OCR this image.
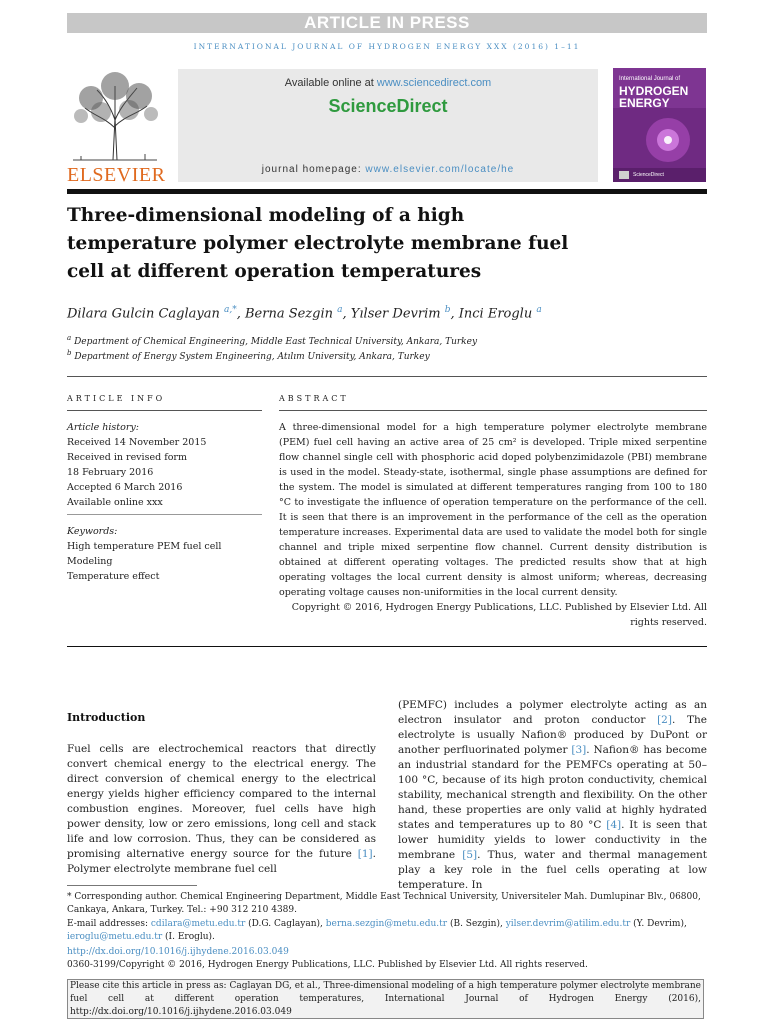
ARTICLE IN PRESS
INTERNATIONAL JOURNAL OF HYDROGEN ENERGY XXX (2016) 1–11
ELSEVIER
Available online at www.sciencedirect.com
ScienceDirect
journal homepage: www.elsevier.com/locate/he
International Journal of
HYDROGEN
ENERGY
ScienceDirect
Three-dimensional modeling of a high temperature polymer electrolyte membrane fuel cell at different operation temperatures
Dilara Gulcin Caglayan $^{a,*}$, Berna Sezgin $^a$, Yılser Devrim $^b$, Inci Eroglu $^a$
$^a$ Department of Chemical Engineering, Middle East Technical University, Ankara, Turkey
$^b$ Department of Energy System Engineering, Atılım University, Ankara, Turkey
ARTICLE INFO	ABSTRACT
Article history:
Received 14 November 2015
Received in revised form
18 February 2016
Accepted 6 March 2016
Available online xxx
Keywords:
High temperature PEM fuel cell
Modeling
Temperature effect
A three-dimensional model for a high temperature polymer electrolyte membrane (PEM) fuel cell having an active area of 25 cm² is developed. Triple mixed serpentine flow channel single cell with phosphoric acid doped polybenzimidazole (PBI) membrane is used in the model. Steady-state, isothermal, single phase assumptions are defined for the system. The model is simulated at different temperatures ranging from 100 to 180 °C to investigate the influence of operation temperature on the performance of the cell. It is seen that there is an improvement in the performance of the cell as the operation temperature increases. Experimental data are used to validate the model both for single channel and triple mixed serpentine flow channel. Current density distribution is obtained at different operating voltages. The predicted results show that at high operating voltages the local current density is almost uniform; whereas, decreasing operating voltage causes non-uniformities in the local current density.
Copyright © 2016, Hydrogen Energy Publications, LLC. Published by Elsevier Ltd. All rights reserved.
Introduction
Fuel cells are electrochemical reactors that directly convert chemical energy to the electrical energy. The direct conversion of chemical energy to the electrical energy yields higher efficiency compared to the internal combustion engines. Moreover, fuel cells have high power density, low or zero emissions, long cell and stack life and low corrosion. Thus, they can be considered as promising alternative energy source for the future [1]. Polymer electrolyte membrane fuel cell
(PEMFC) includes a polymer electrolyte acting as an electron insulator and proton conductor [2]. The electrolyte is usually Nafion® produced by DuPont or another perfluorinated polymer [3]. Nafion® has become an industrial standard for the PEMFCs operating at 50–100 °C, because of its high proton conductivity, chemical stability, mechanical strength and flexibility. On the other hand, these properties are only valid at highly hydrated states and temperatures up to 80 °C [4]. It is seen that lower humidity yields to lower conductivity in the membrane [5]. Thus, water and thermal management play a key role in the fuel cells operating at low temperature. In
* Corresponding author. Chemical Engineering Department, Middle East Technical University, Universiteler Mah. Dumlupinar Blv., 06800, Cankaya, Ankara, Turkey. Tel.: +90 312 210 4389.
E-mail addresses: cdilara@metu.edu.tr (D.G. Caglayan), berna.sezgin@metu.edu.tr (B. Sezgin), yilser.devrim@atilim.edu.tr (Y. Devrim), ieroglu@metu.edu.tr (I. Eroglu).
http://dx.doi.org/10.1016/j.ijhydene.2016.03.049
0360-3199/Copyright © 2016, Hydrogen Energy Publications, LLC. Published by Elsevier Ltd. All rights reserved.
Please cite this article in press as: Caglayan DG, et al., Three-dimensional modeling of a high temperature polymer electrolyte membrane fuel cell at different operation temperatures, International Journal of Hydrogen Energy (2016), http://dx.doi.org/10.1016/j.ijhydene.2016.03.049
